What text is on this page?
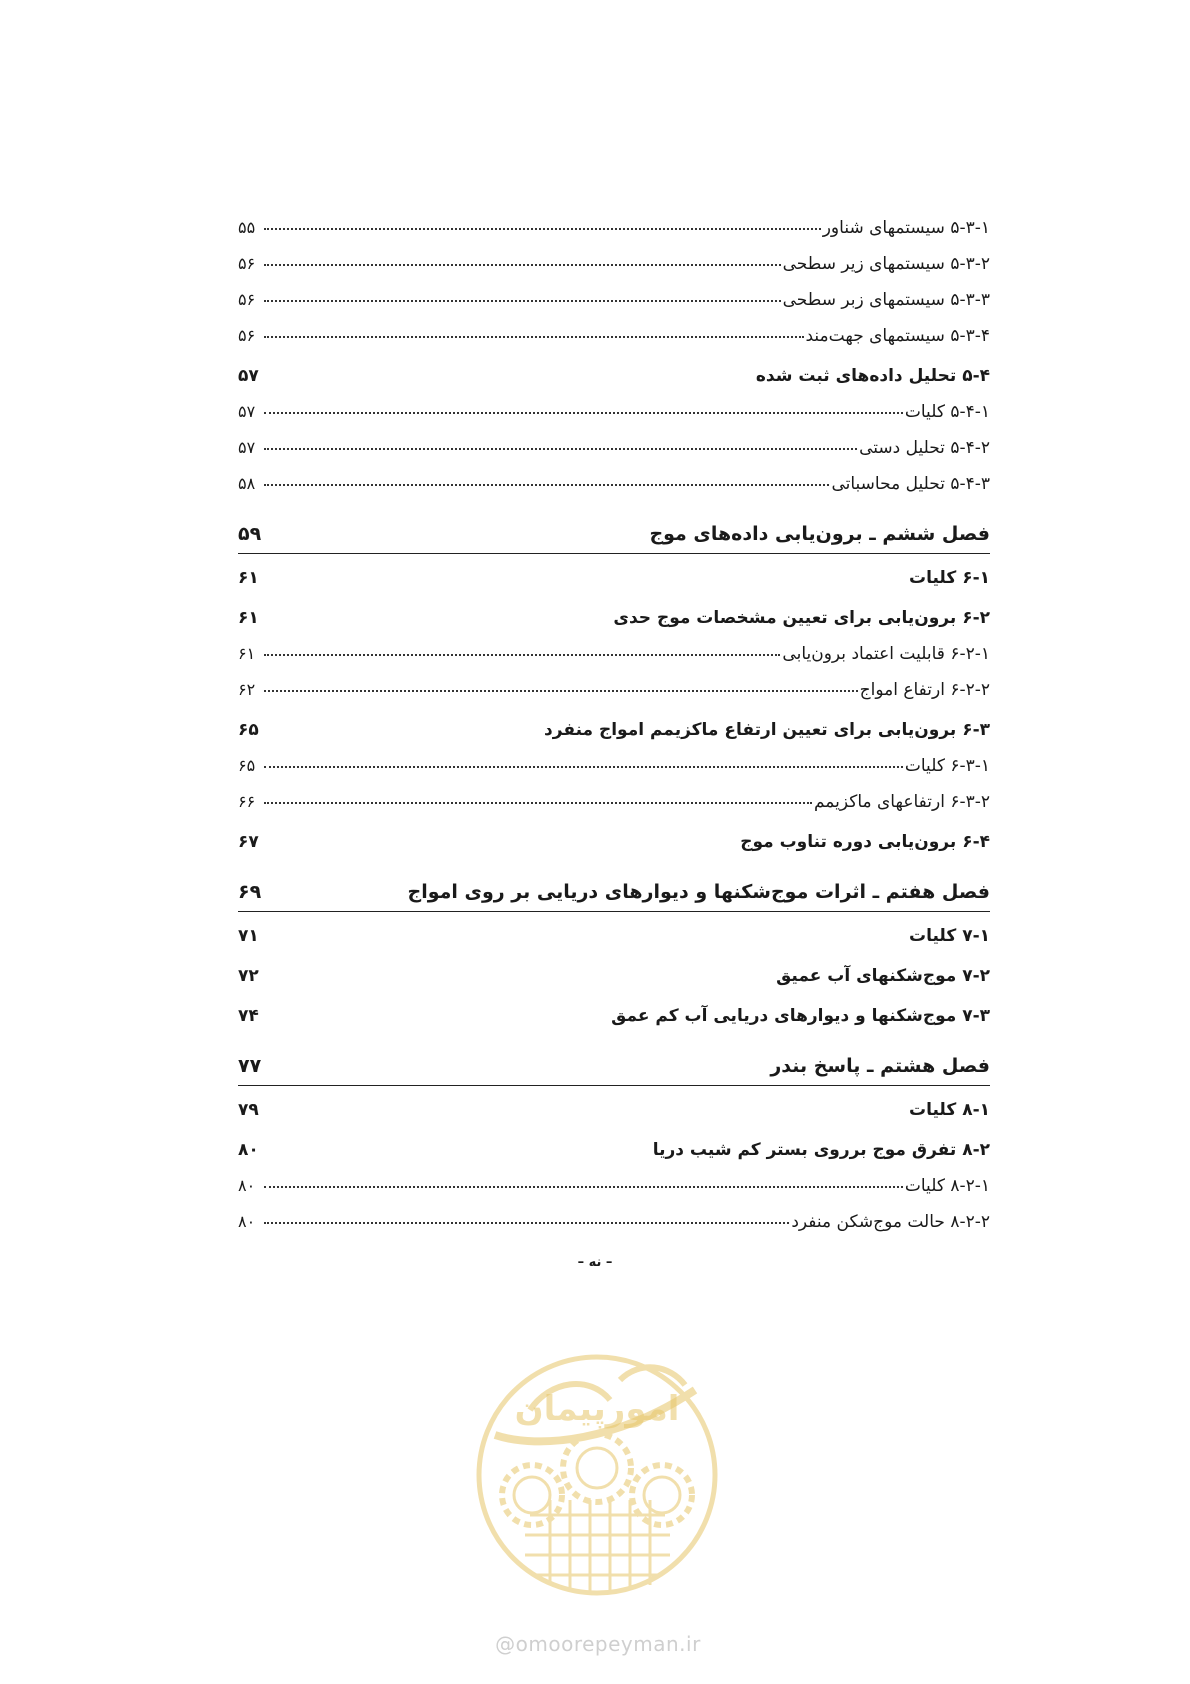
۵-۳-۱ سیستمهای شناور
۵۵
۵-۳-۲ سیستمهای زیر سطحی
۵۶
۵-۳-۳ سیستمهای زبر سطحی
۵۶
۵-۳-۴ سیستمهای جهت‌مند
۵۶
۵-۴ تحلیل داده‌های ثبت شده
۵۷
۵-۴-۱ کلیات
۵۷
۵-۴-۲ تحلیل دستی
۵۷
۵-۴-۳ تحلیل محاسباتی
۵۸
فصل ششم ـ برون‌یابی داده‌های موج
۵۹
۶-۱ کلیات
۶۱
۶-۲ برون‌یابی برای تعیین مشخصات موج حدی
۶۱
۶-۲-۱ قابلیت اعتماد برون‌یابی
۶۱
۶-۲-۲ ارتفاع امواج
۶۲
۶-۳ برون‌یابی برای تعیین ارتفاع ماکزیمم امواج منفرد
۶۵
۶-۳-۱ کلیات
۶۵
۶-۳-۲ ارتفاعهای ماکزیمم
۶۶
۶-۴ برون‌یابی دوره تناوب موج
۶۷
فصل هفتم ـ اثرات موج‌شکنها و دیوارهای دریایی بر روی امواج
۶۹
۷-۱ کلیات
۷۱
۷-۲ موج‌شکنهای آب عمیق
۷۲
۷-۳ موج‌شکنها و دیوارهای دریایی آب کم عمق
۷۴
فصل هشتم ـ پاسخ بندر
۷۷
۸-۱ کلیات
۷۹
۸-۲ تفرق موج برروی بستر کم شیب دریا
۸۰
۸-۲-۱ کلیات
۸۰
۸-۲-۲ حالت موج‌شکن منفرد
۸۰
– نه –
امورپیمان
@omoorepeyman.ir
